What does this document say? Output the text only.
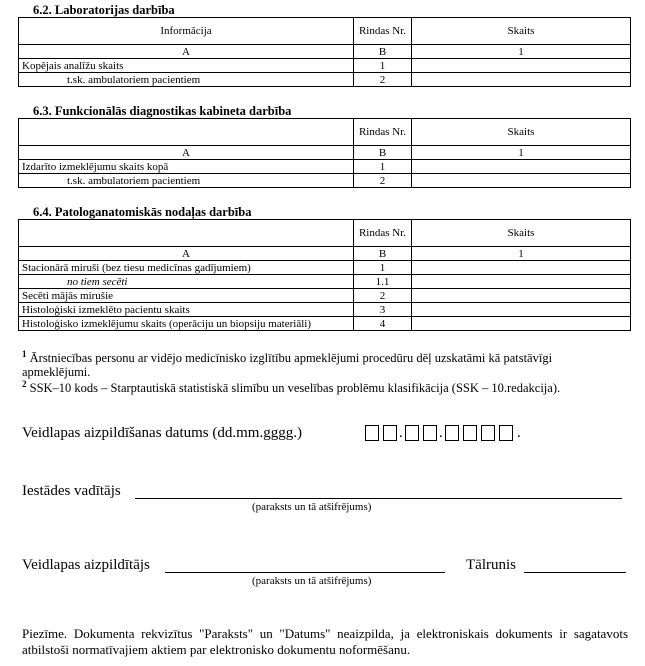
6.2. Laboratorijas darbība
Informācija	Rindas Nr.	Skaits
A	B	1
Kopējais analīžu skaits	1	
t.sk. ambulatoriem pacientiem	2	
6.3. Funkcionālās diagnostikas kabineta darbība
	Rindas Nr.	Skaits
A	B	1
Izdarīto izmeklējumu skaits kopā	1	
t.sk. ambulatoriem pacientiem	2	
6.4. Patologanatomiskās nodaļas darbība
	Rindas Nr.	Skaits
A	B	1
Stacionārā miruši (bez tiesu medicīnas gadījumiem)	1	
no tiem secēti	1.1	
Secēti mājās mirušie	2	
Histoloģiski izmeklēto pacientu skaits	3	
Histoloģisko izmeklējumu skaits (operāciju un biopsiju materiāli)	4	
$^1$ Ārstniecības personu ar vidējo medicīnisko izglītību apmeklējumi procedūru dēļ uzskatāmi kā patstāvīgi apmeklējumi.
$^2$ SSK–10 kods – Starptautiskā statistiskā slimību un veselības problēmu klasifikācija (SSK – 10.redakcija).
Veidlapas aizpildīšanas datums (dd.mm.gggg.)	. .	.
Iestādes vadītājs
(paraksts un tā atšifrējums)
Veidlapas aizpildītājs
(paraksts un tā atšifrējums)
Tālrunis
Piezīme. Dokumenta rekvizītus "Paraksts" un "Datums" neaizpilda, ja elektroniskais dokuments ir sagatavots atbilstoši normatīvajiem aktiem par elektronisko dokumentu noformēšanu.
